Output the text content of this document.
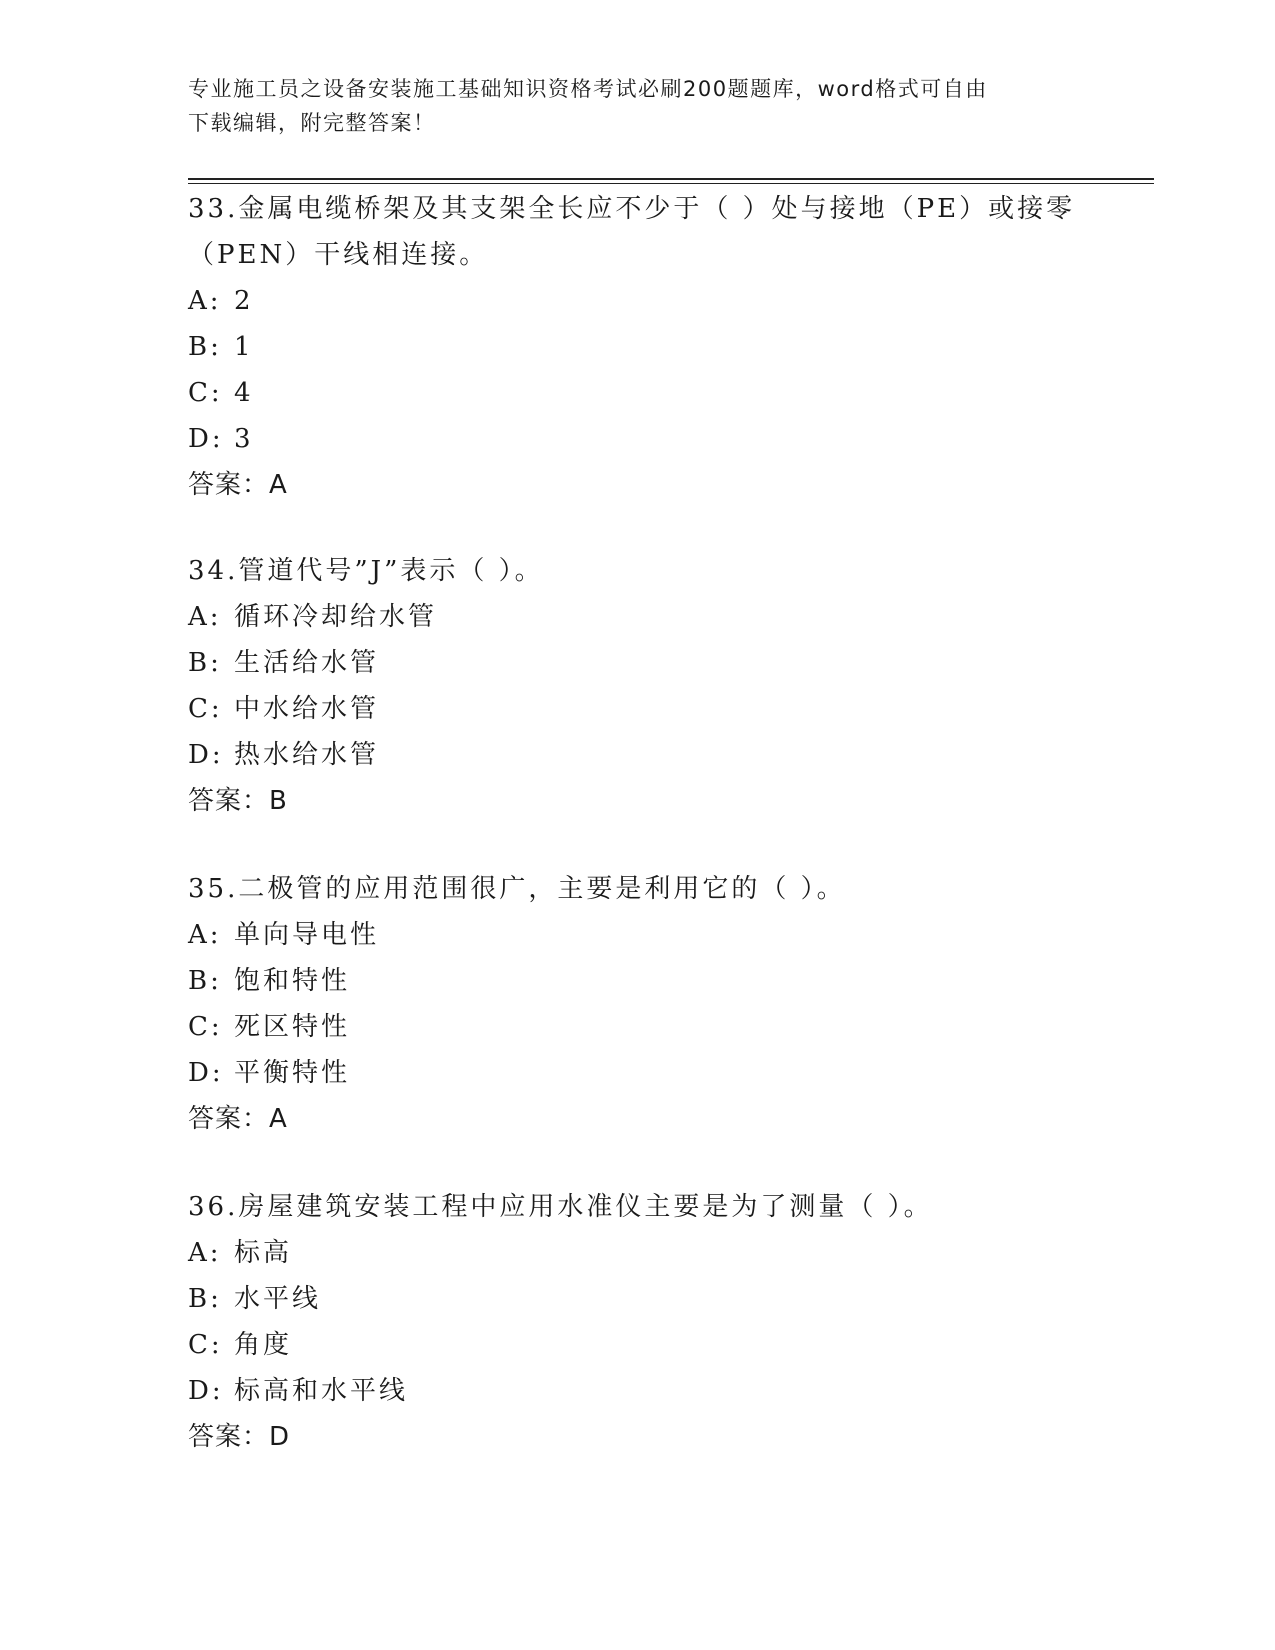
专业施工员之设备安装施工基础知识资格考试必刷200题题库，word格式可自由
下载编辑，附完整答案！

33.金属电缆桥架及其支架全长应不少于（ ）处与接地（PE）或接零

（PEN）干线相连接。

A: 2

B: 1

C: 4

D: 3

答案：A

34.管道代号”J”表示（ ）。

A: 循环冷却给水管

B: 生活给水管

C: 中水给水管

D: 热水给水管

答案：B

35.二极管的应用范围很广，主要是利用它的（ ）。

A: 单向导电性

B: 饱和特性

C: 死区特性

D: 平衡特性

答案：A

36.房屋建筑安装工程中应用水准仪主要是为了测量（ ）。

A: 标高

B: 水平线

C: 角度

D: 标高和水平线

答案：D
